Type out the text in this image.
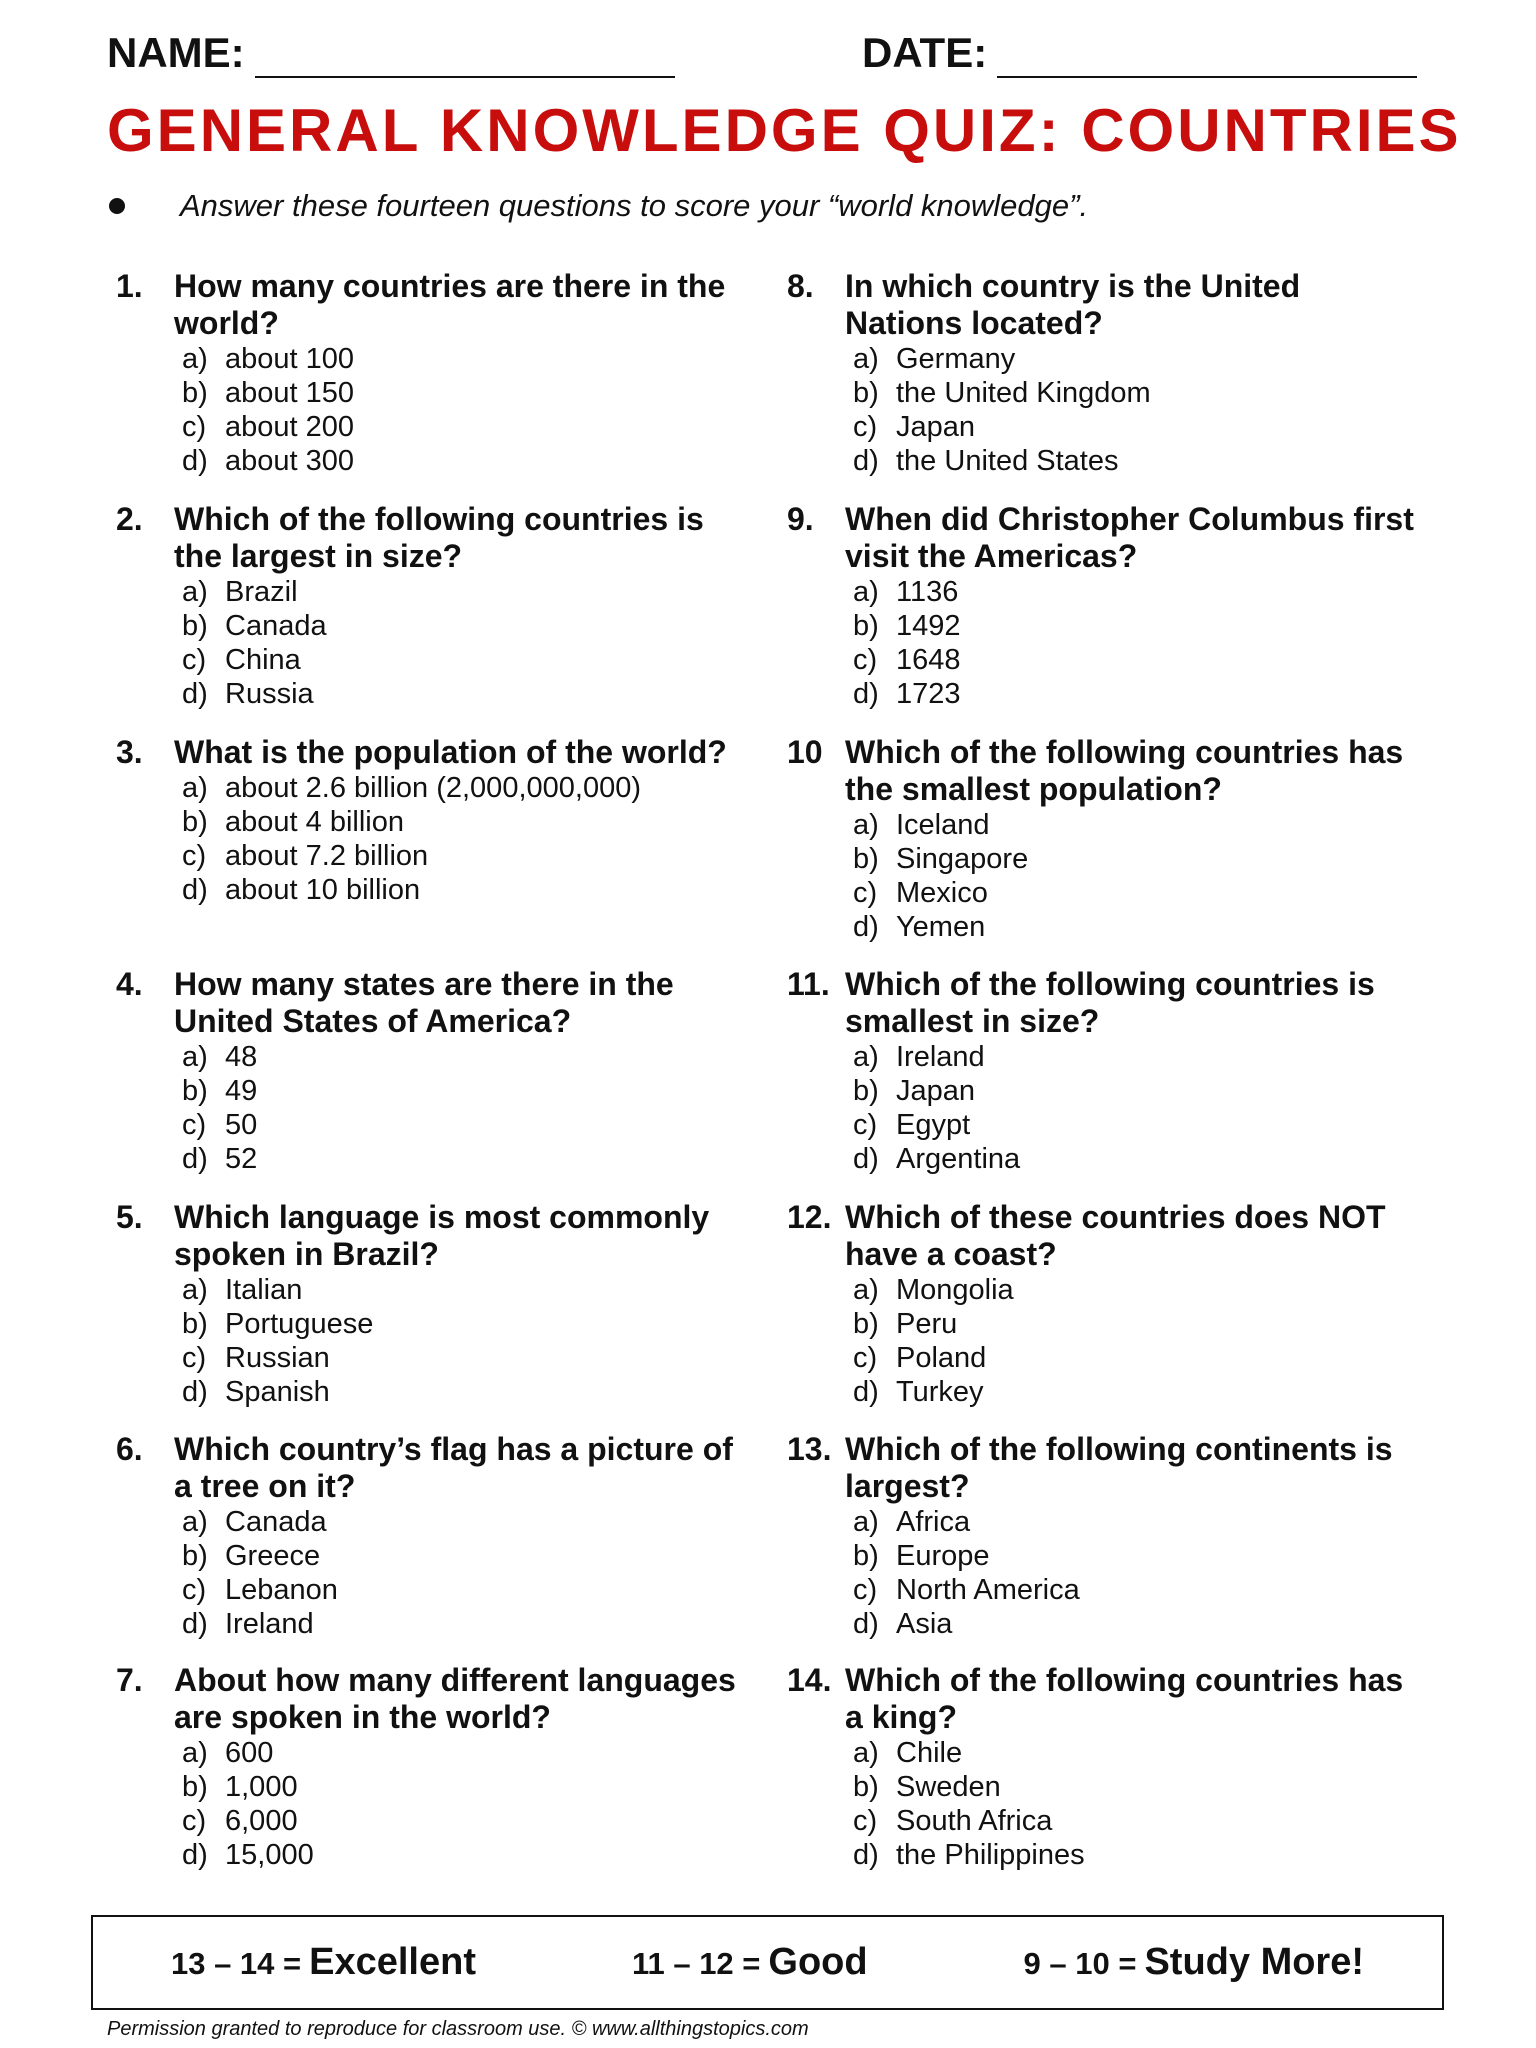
NAME:	DATE:
GENERAL KNOWLEDGE QUIZ: COUNTRIES
Answer these fourteen questions to score your “world knowledge”.
1. How many countries are there in the world?
a) about 100
b) about 150
c) about 200
d) about 300
2. Which of the following countries is the largest in size?
a) Brazil
b) Canada
c) China
d) Russia
3. What is the population of the world?
a) about 2.6 billion (2,000,000,000)
b) about 4 billion
c) about 7.2 billion
d) about 10 billion
4. How many states are there in the United States of America?
a) 48
b) 49
c) 50
d) 52
5. Which language is most commonly spoken in Brazil?
a) Italian
b) Portuguese
c) Russian
d) Spanish
6. Which country’s flag has a picture of a tree on it?
a) Canada
b) Greece
c) Lebanon
d) Ireland
7. About how many different languages are spoken in the world?
a) 600
b) 1,000
c) 6,000
d) 15,000
8. In which country is the United Nations located?
a) Germany
b) the United Kingdom
c) Japan
d) the United States
9. When did Christopher Columbus first visit the Americas?
a) 1136
b) 1492
c) 1648
d) 1723
10 Which of the following countries has the smallest population?
a) Iceland
b) Singapore
c) Mexico
d) Yemen
11. Which of the following countries is smallest in size?
a) Ireland
b) Japan
c) Egypt
d) Argentina
12. Which of these countries does NOT have a coast?
a) Mongolia
b) Peru
c) Poland
d) Turkey
13. Which of the following continents is largest?
a) Africa
b) Europe
c) North America
d) Asia
14. Which of the following countries has a king?
a) Chile
b) Sweden
c) South Africa
d) the Philippines
13 – 14 = Excellent	11 – 12 = Good	9 – 10 = Study More!
Permission granted to reproduce for classroom use. © www.allthingstopics.com
